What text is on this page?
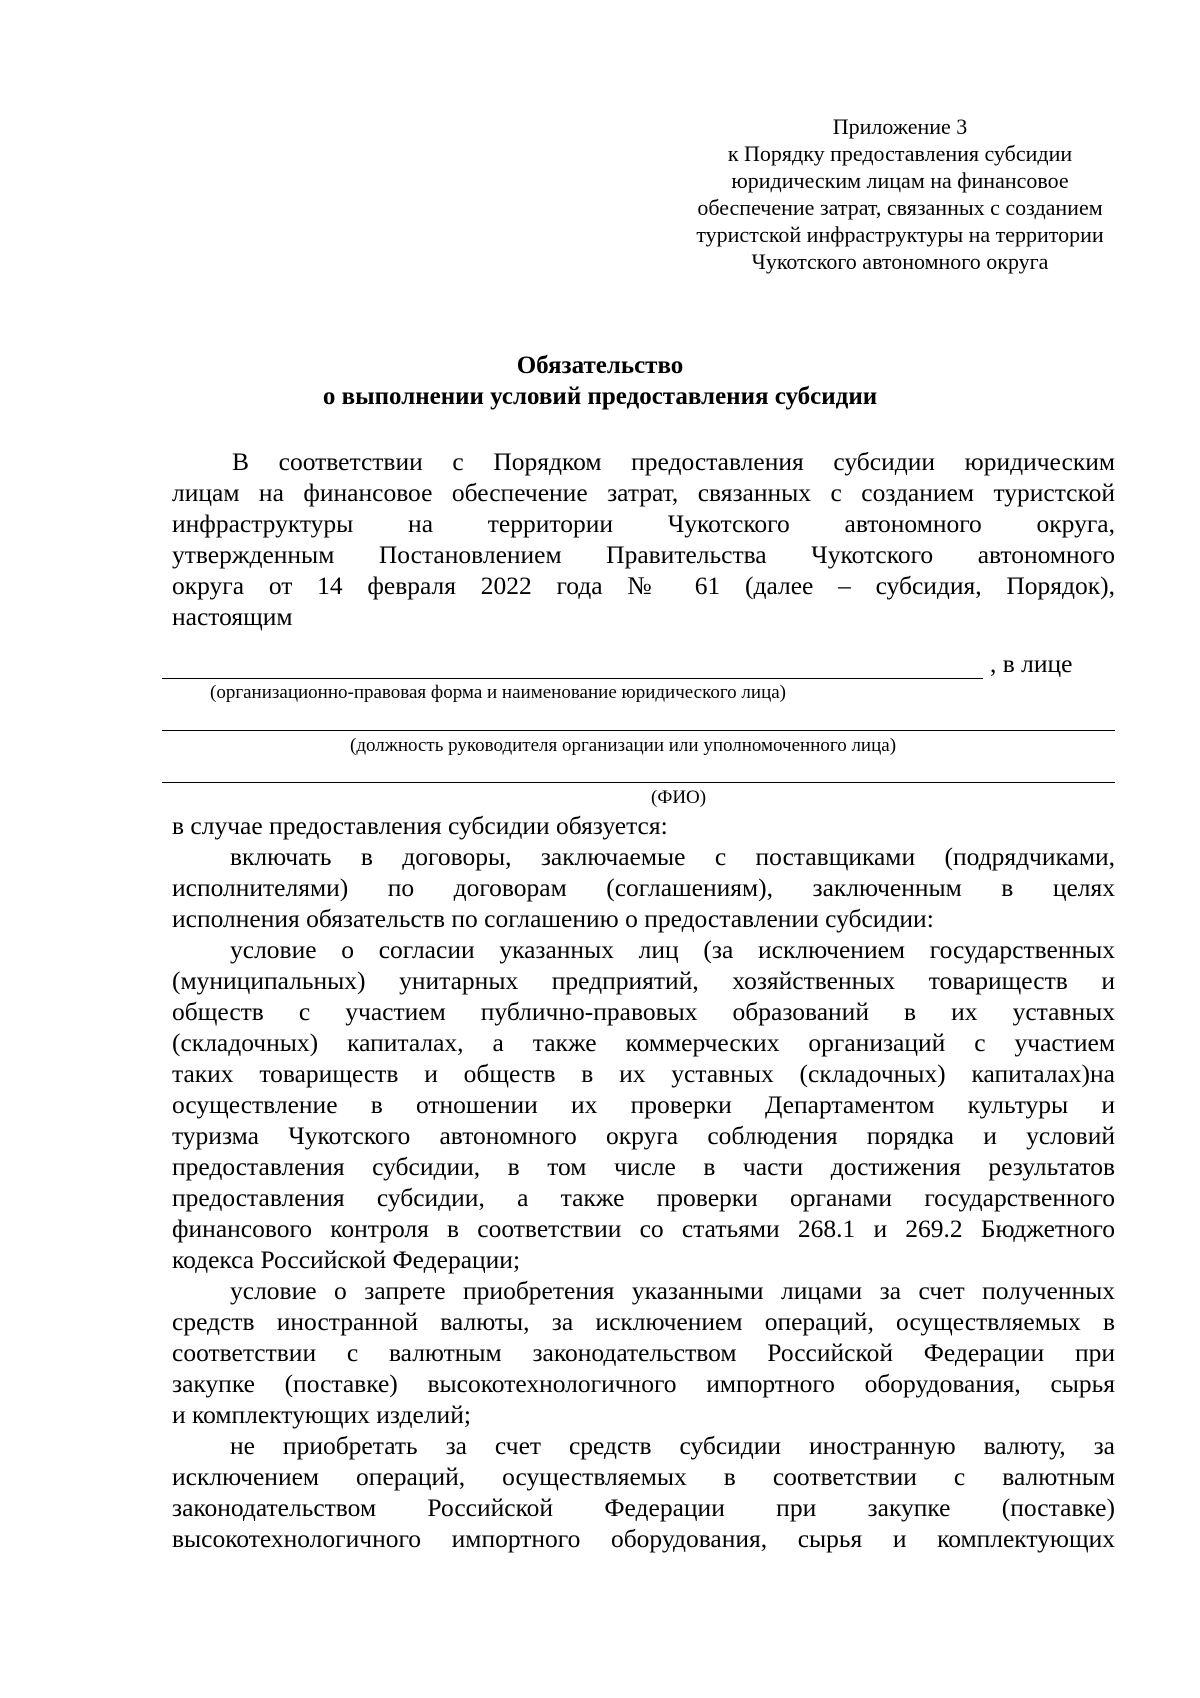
Приложение 3
к Порядку предоставления субсидии
юридическим лицам на финансовое
обеспечение затрат, связанных с созданием
туристской инфраструктуры на территории
Чукотского автономного округа
Обязательство
о выполнении условий предоставления субсидии
В соответствии с Порядком предоставления субсидии юридическим
лицам на финансовое обеспечение затрат, связанных с созданием туристской
инфраструктуры на территории Чукотского автономного округа,
утвержденным Постановлением Правительства Чукотского автономного
округа от 14 февраля 2022 года № 61 (далее – субсидия, Порядок),
настоящим
, в лице
(организационно-правовая форма и наименование юридического лица)
(должность руководителя организации или уполномоченного лица)
(ФИО)
в случае предоставления субсидии обязуется:
включать в договоры, заключаемые с поставщиками (подрядчиками,
исполнителями) по договорам (соглашениям), заключенным в целях
исполнения обязательств по соглашению о предоставлении субсидии:
условие о согласии указанных лиц (за исключением государственных
(муниципальных) унитарных предприятий, хозяйственных товариществ и
обществ с участием публично-правовых образований в их уставных
(складочных) капиталах, а также коммерческих организаций с участием
таких товариществ и обществ в их уставных (складочных) капиталах)на
осуществление в отношении их проверки Департаментом культуры и
туризма Чукотского автономного округа соблюдения порядка и условий
предоставления субсидии, в том числе в части достижения результатов
предоставления субсидии, а также проверки органами государственного
финансового контроля в соответствии со статьями 268.1 и 269.2 Бюджетного
кодекса Российской Федерации;
условие о запрете приобретения указанными лицами за счет полученных
средств иностранной валюты, за исключением операций, осуществляемых в
соответствии с валютным законодательством Российской Федерации при
закупке (поставке) высокотехнологичного импортного оборудования, сырья
и комплектующих изделий;
не приобретать за счет средств субсидии иностранную валюту, за
исключением операций, осуществляемых в соответствии с валютным
законодательством Российской Федерации при закупке (поставке)
высокотехнологичного импортного оборудования, сырья и комплектующих
